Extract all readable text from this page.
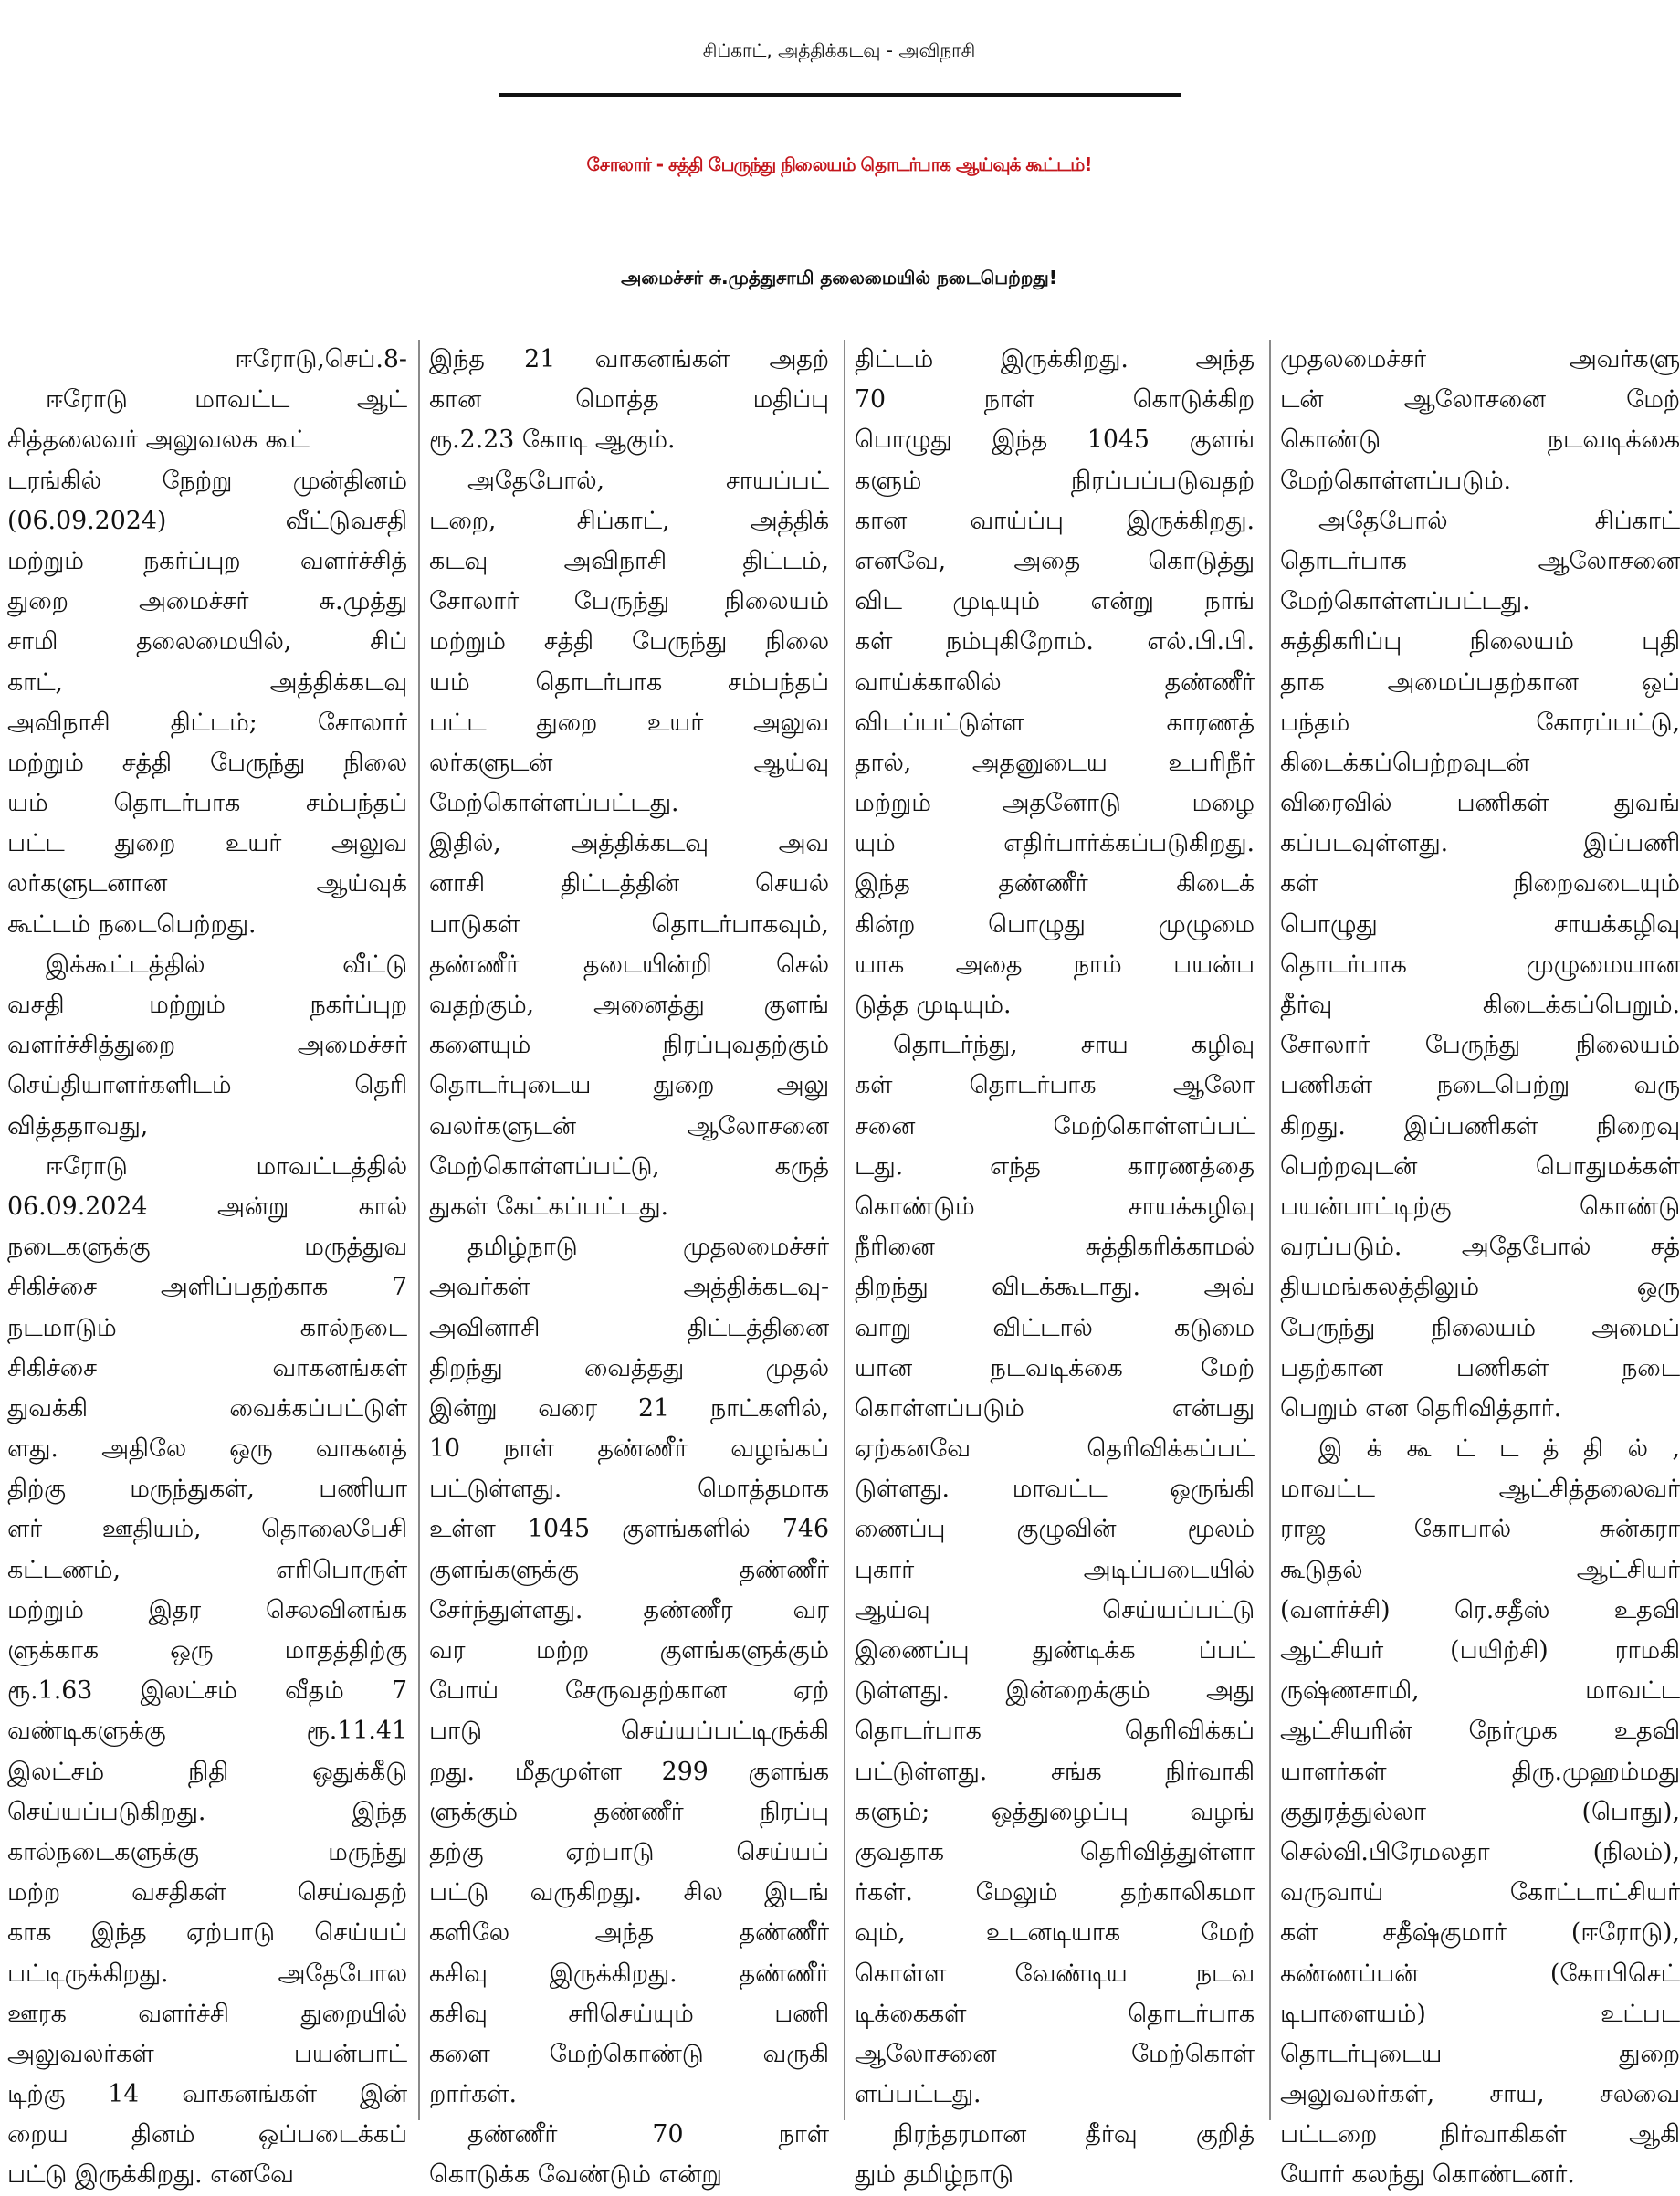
சிப்காட், அத்திக்கடவு - அவிநாசி
சோலார் - சத்தி பேருந்து நிலையம் தொடர்பாக ஆய்வுக் கூட்டம்!
அமைச்சர் சு.முத்துசாமி தலைமையில் நடைபெற்றது!
ஈரோடு,செப்.8-
ஈரோடு மாவட்ட ஆட்
சித்தலைவர் அலுவலக கூட்
டரங்கில் நேற்று முன்தினம்
(06.09.2024) வீட்டுவசதி
மற்றும் நகர்ப்புற வளர்ச்சித்
துறை அமைச்சர் சு.முத்து
சாமி தலைமையில், சிப்
காட், அத்திக்கடவு
அவிநாசி திட்டம்; சோலார்
மற்றும் சத்தி பேருந்து நிலை
யம் தொடர்பாக சம்பந்தப்
பட்ட துறை உயர் அலுவ
லர்களுடனான ஆய்வுக்
கூட்டம் நடைபெற்றது.
இக்கூட்டத்தில் வீட்டு
வசதி மற்றும் நகர்ப்புற
வளர்ச்சித்துறை அமைச்சர்
செய்தியாளர்களிடம் தெரி
வித்ததாவது,
ஈரோடு மாவட்டத்தில்
06.09.2024 அன்று கால்
நடைகளுக்கு மருத்துவ
சிகிச்சை அளிப்பதற்காக 7
நடமாடும் கால்நடை
சிகிச்சை வாகனங்கள்
துவக்கி வைக்கப்பட்டுள்
ளது. அதிலே ஒரு வாகனத்
திற்கு மருந்துகள், பணியா
ளர் ஊதியம், தொலைபேசி
கட்டணம், எரிபொருள்
மற்றும் இதர செலவினங்க
ளுக்காக ஒரு மாதத்திற்கு
ரூ.1.63 இலட்சம் வீதம் 7
வண்டிகளுக்கு ரூ.11.41
இலட்சம் நிதி ஒதுக்கீடு
செய்யப்படுகிறது. இந்த
கால்நடைகளுக்கு மருந்து
மற்ற வசதிகள் செய்வதற்
காக இந்த ஏற்பாடு செய்யப்
பட்டிருக்கிறது. அதேபோல
ஊரக வளர்ச்சி துறையில்
அலுவலர்கள் பயன்பாட்
டிற்கு 14 வாகனங்கள் இன்
றைய தினம் ஒப்படைக்கப்
பட்டு இருக்கிறது. எனவே
இந்த 21 வாகனங்கள் அதற்
கான மொத்த மதிப்பு
ரூ.2.23 கோடி ஆகும்.
அதேபோல், சாயப்பட்
டறை, சிப்காட், அத்திக்
கடவு அவிநாசி திட்டம்,
சோலார் பேருந்து நிலையம்
மற்றும் சத்தி பேருந்து நிலை
யம் தொடர்பாக சம்பந்தப்
பட்ட துறை உயர் அலுவ
லர்களுடன் ஆய்வு
மேற்கொள்ளப்பட்டது.
இதில், அத்திக்கடவு அவ
னாசி திட்டத்தின் செயல்
பாடுகள் தொடர்பாகவும்,
தண்ணீர் தடையின்றி செல்
வதற்கும், அனைத்து குளங்
களையும் நிரப்புவதற்கும்
தொடர்புடைய துறை அலு
வலர்களுடன் ஆலோசனை
மேற்கொள்ளப்பட்டு, கருத்
துகள் கேட்கப்பட்டது.
தமிழ்நாடு முதலமைச்சர்
அவர்கள் அத்திக்கடவு-
அவினாசி திட்டத்தினை
திறந்து வைத்தது முதல்
இன்று வரை 21 நாட்களில்,
10 நாள் தண்ணீர் வழங்கப்
பட்டுள்ளது. மொத்தமாக
உள்ள 1045 குளங்களில் 746
குளங்களுக்கு தண்ணீர்
சேர்ந்துள்ளது. தண்ணீர வர
வர மற்ற குளங்களுக்கும்
போய் சேருவதற்கான ஏற்
பாடு செய்யப்பட்டிருக்கி
றது. மீதமுள்ள 299 குளங்க
ளுக்கும் தண்ணீர் நிரப்பு
தற்கு ஏற்பாடு செய்யப்
பட்டு வருகிறது. சில இடங்
களிலே அந்த தண்ணீர்
கசிவு இருக்கிறது. தண்ணீர்
கசிவு சரிசெய்யும் பணி
களை மேற்கொண்டு வருகி
றார்கள்.
தண்ணீர் 70 நாள்
கொடுக்க வேண்டும் என்று
திட்டம் இருக்கிறது. அந்த
70 நாள் கொடுக்கிற
பொழுது இந்த 1045 குளங்
களும் நிரப்பப்படுவதற்
கான வாய்ப்பு இருக்கிறது.
எனவே, அதை கொடுத்து
விட முடியும் என்று நாங்
கள் நம்புகிறோம். எல்.பி.பி.
வாய்க்காலில் தண்ணீர்
விடப்பட்டுள்ள காரணத்
தால், அதனுடைய உபரிநீர்
மற்றும் அதனோடு மழை
யும் எதிர்பார்க்கப்படுகிறது.
இந்த தண்ணீர் கிடைக்
கின்ற பொழுது முழுமை
யாக அதை நாம் பயன்ப
டுத்த முடியும்.
தொடர்ந்து, சாய கழிவு
கள் தொடர்பாக ஆலோ
சனை மேற்கொள்ளப்பட்
டது. எந்த காரணத்தை
கொண்டும் சாயக்கழிவு
நீரினை சுத்திகரிக்காமல்
திறந்து விடக்கூடாது. அவ்
வாறு விட்டால் கடுமை
யான நடவடிக்கை மேற்
கொள்ளப்படும் என்பது
ஏற்கனவே தெரிவிக்கப்பட்
டுள்ளது. மாவட்ட ஒருங்கி
ணைப்பு குழுவின் மூலம்
புகார் அடிப்படையில்
ஆய்வு செய்யப்பட்டு
இணைப்பு துண்டிக்க ப்பட்
டுள்ளது. இன்றைக்கும் அது
தொடர்பாக தெரிவிக்கப்
பட்டுள்ளது. சங்க நிர்வாகி
களும்; ஒத்துழைப்பு வழங்
குவதாக தெரிவித்துள்ளா
ர்கள். மேலும் தற்காலிகமா
வும், உடனடியாக மேற்
கொள்ள வேண்டிய நடவ
டிக்கைகள் தொடர்பாக
ஆலோசனை மேற்கொள்
ளப்பட்டது.
நிரந்தரமான தீர்வு குறித்
தும் தமிழ்நாடு
முதலமைச்சர் அவர்களு
டன் ஆலோசனை மேற்
கொண்டு நடவடிக்கை
மேற்கொள்ளப்படும்.
அதேபோல் சிப்காட்
தொடர்பாக ஆலோசனை
மேற்கொள்ளப்பட்டது.
சுத்திகரிப்பு நிலையம் புதி
தாக அமைப்பதற்கான ஒப்
பந்தம் கோரப்பட்டு,
கிடைக்கப்பெற்றவுடன்
விரைவில் பணிகள் துவங்
கப்படவுள்ளது. இப்பணி
கள் நிறைவடையும்
பொழுது சாயக்கழிவு
தொடர்பாக முழுமையான
தீர்வு கிடைக்கப்பெறும்.
சோலார் பேருந்து நிலையம்
பணிகள் நடைபெற்று வரு
கிறது. இப்பணிகள் நிறைவு
பெற்றவுடன் பொதுமக்கள்
பயன்பாட்டிற்கு கொண்டு
வரப்படும். அதேபோல் சத்
தியமங்கலத்திலும் ஒரு
பேருந்து நிலையம் அமைப்
பதற்கான பணிகள் நடை
பெறும் என தெரிவித்தார்.
இ க் கூ ட் ட த் தி ல் ,
மாவட்ட ஆட்சித்தலைவர்
ராஜ கோபால் சுன்கரா
கூடுதல் ஆட்சியர்
(வளர்ச்சி) ரெ.சதீஸ் உதவி
ஆட்சியர் (பயிற்சி) ராமகி
ருஷ்ணசாமி, மாவட்ட
ஆட்சியரின் நேர்முக உதவி
யாளர்கள் திரு.முஹம்மது
குதுரத்துல்லா (பொது),
செல்வி.பிரேமலதா (நிலம்),
வருவாய் கோட்டாட்சியர்
கள் சதீஷ்குமார் (ஈரோடு),
கண்ணப்பன் (கோபிசெட்
டிபாளையம்) உட்பட
தொடர்புடைய துறை
அலுவலர்கள், சாய, சலவை
பட்டறை நிர்வாகிகள் ஆகி
யோர் கலந்து கொண்டனர்.
